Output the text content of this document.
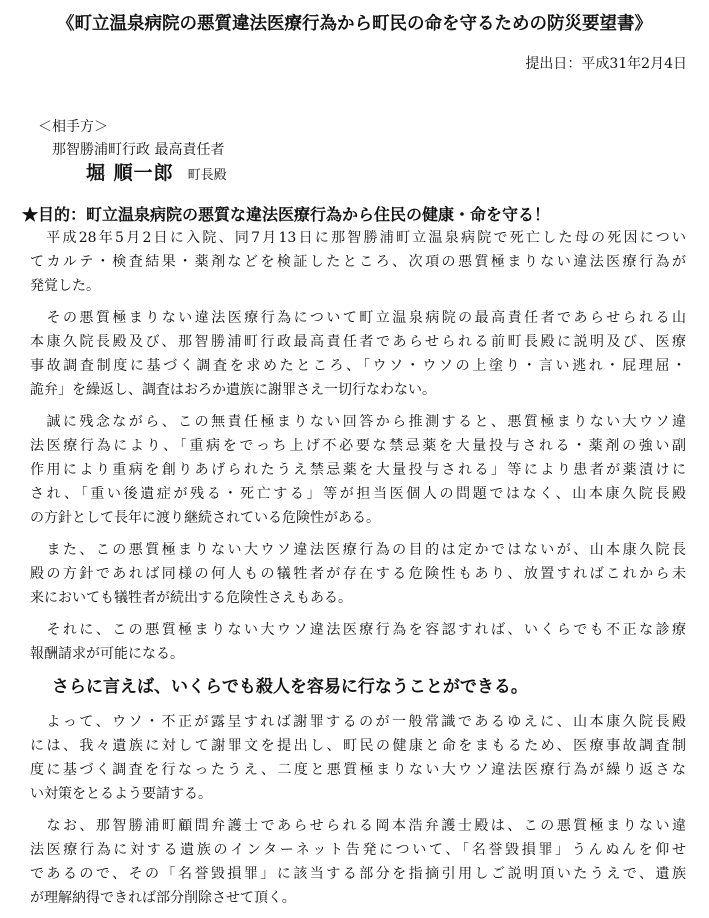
《町立温泉病院の悪質違法医療行為から町民の命を守るための防災要望書》
提出日：平成31年2月4日
＜相手方＞
那智勝浦町行政 最高責任者
堀 順一郎 町長殿
★目的：町立温泉病院の悪質な違法医療行為から住民の健康・命を守る！
　平成28年5月2日に入院、同7月13日に那智勝浦町立温泉病院で死亡した母の死因につい
てカルテ・検査結果・薬剤などを検証したところ、次項の悪質極まりない違法医療行為が
発覚した。
　その悪質極まりない違法医療行為について町立温泉病院の最高責任者であらせられる山
本康久院長殿及び、那智勝浦町行政最高責任者であらせられる前町長殿に説明及び、医療
事故調査制度に基づく調査を求めたところ、「ウソ・ウソの上塗り・言い逃れ・屁理屈・
詭弁」を繰返し、調査はおろか遺族に謝罪さえ一切行なわない。
　誠に残念ながら、この無責任極まりない回答から推測すると、悪質極まりない大ウソ違
法医療行為により、「重病をでっち上げ不必要な禁忌薬を大量投与される・薬剤の強い副
作用により重病を創りあげられたうえ禁忌薬を大量投与される」等により患者が薬漬けに
され、「重い後遺症が残る・死亡する」等が担当医個人の問題ではなく、山本康久院長殿
の方針として長年に渡り継続されている危険性がある。
　また、この悪質極まりない大ウソ違法医療行為の目的は定かではないが、山本康久院長
殿の方針であれば同様の何人もの犠牲者が存在する危険性もあり、放置すればこれから未
来においても犠牲者が続出する危険性さえもある。
　それに、この悪質極まりない大ウソ違法医療行為を容認すれば、いくらでも不正な診療
報酬請求が可能になる。
さらに言えば、いくらでも殺人を容易に行なうことができる。
　よって、ウソ・不正が露呈すれば謝罪するのが一般常識であるゆえに、山本康久院長殿
には、我々遺族に対して謝罪文を提出し、町民の健康と命をまもるため、医療事故調査制
度に基づく調査を行なったうえ、二度と悪質極まりない大ウソ違法医療行為が繰り返さな
い対策をとるよう要請する。
　なお、那智勝浦町顧問弁護士であらせられる岡本浩弁護士殿は、この悪質極まりない違
法医療行為に対する遺族のインターネット告発について、「名誉毀損罪」うんぬんを仰せ
であるので、その「名誉毀損罪」に該当する部分を指摘引用しご説明頂いたうえで、遺族
が理解納得できれば部分削除させて頂く。
